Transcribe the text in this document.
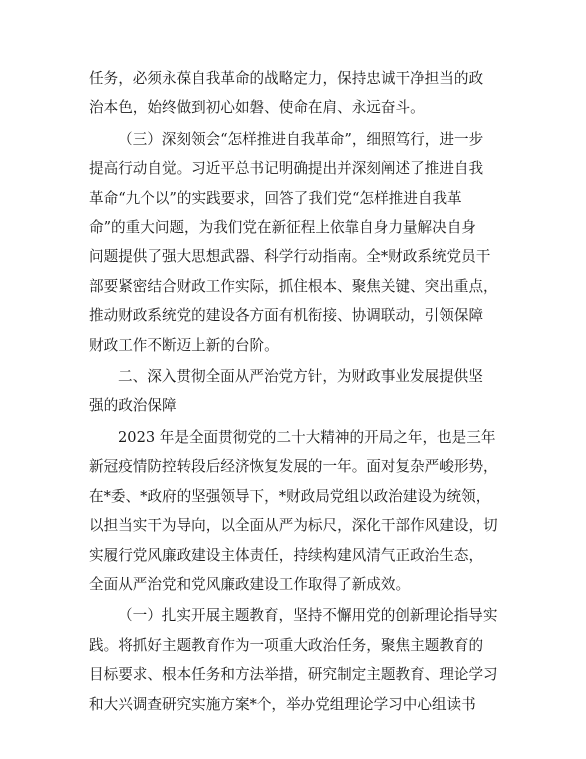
任务，必须永葆自我革命的战略定力，保持忠诚干净担当的政
治本色，始终做到初心如磐、使命在肩、永远奋斗。

（三）深刻领会“怎样推进自我革命”，细照笃行，进一步
提高行动自觉。习近平总书记明确提出并深刻阐述了推进自我
革命“九个以”的实践要求，回答了我们党“怎样推进自我革
命”的重大问题，为我们党在新征程上依靠自身力量解决自身
问题提供了强大思想武器、科学行动指南。全*财政系统党员干
部要紧密结合财政工作实际，抓住根本、聚焦关键、突出重点，
推动财政系统党的建设各方面有机衔接、协调联动，引领保障
财政工作不断迈上新的台阶。

二、深入贯彻全面从严治党方针，为财政事业发展提供坚
强的政治保障

2023 年是全面贯彻党的二十大精神的开局之年，也是三年
新冠疫情防控转段后经济恢复发展的一年。面对复杂严峻形势，
在*委、*政府的坚强领导下，*财政局党组以政治建设为统领，
以担当实干为导向，以全面从严为标尺，深化干部作风建设，切
实履行党风廉政建设主体责任，持续构建风清气正政治生态，
全面从严治党和党风廉政建设工作取得了新成效。

（一）扎实开展主题教育，坚持不懈用党的创新理论指导实
践。将抓好主题教育作为一项重大政治任务，聚焦主题教育的
目标要求、根本任务和方法举措，研究制定主题教育、理论学习
和大兴调查研究实施方案*个，举办党组理论学习中心组读书
